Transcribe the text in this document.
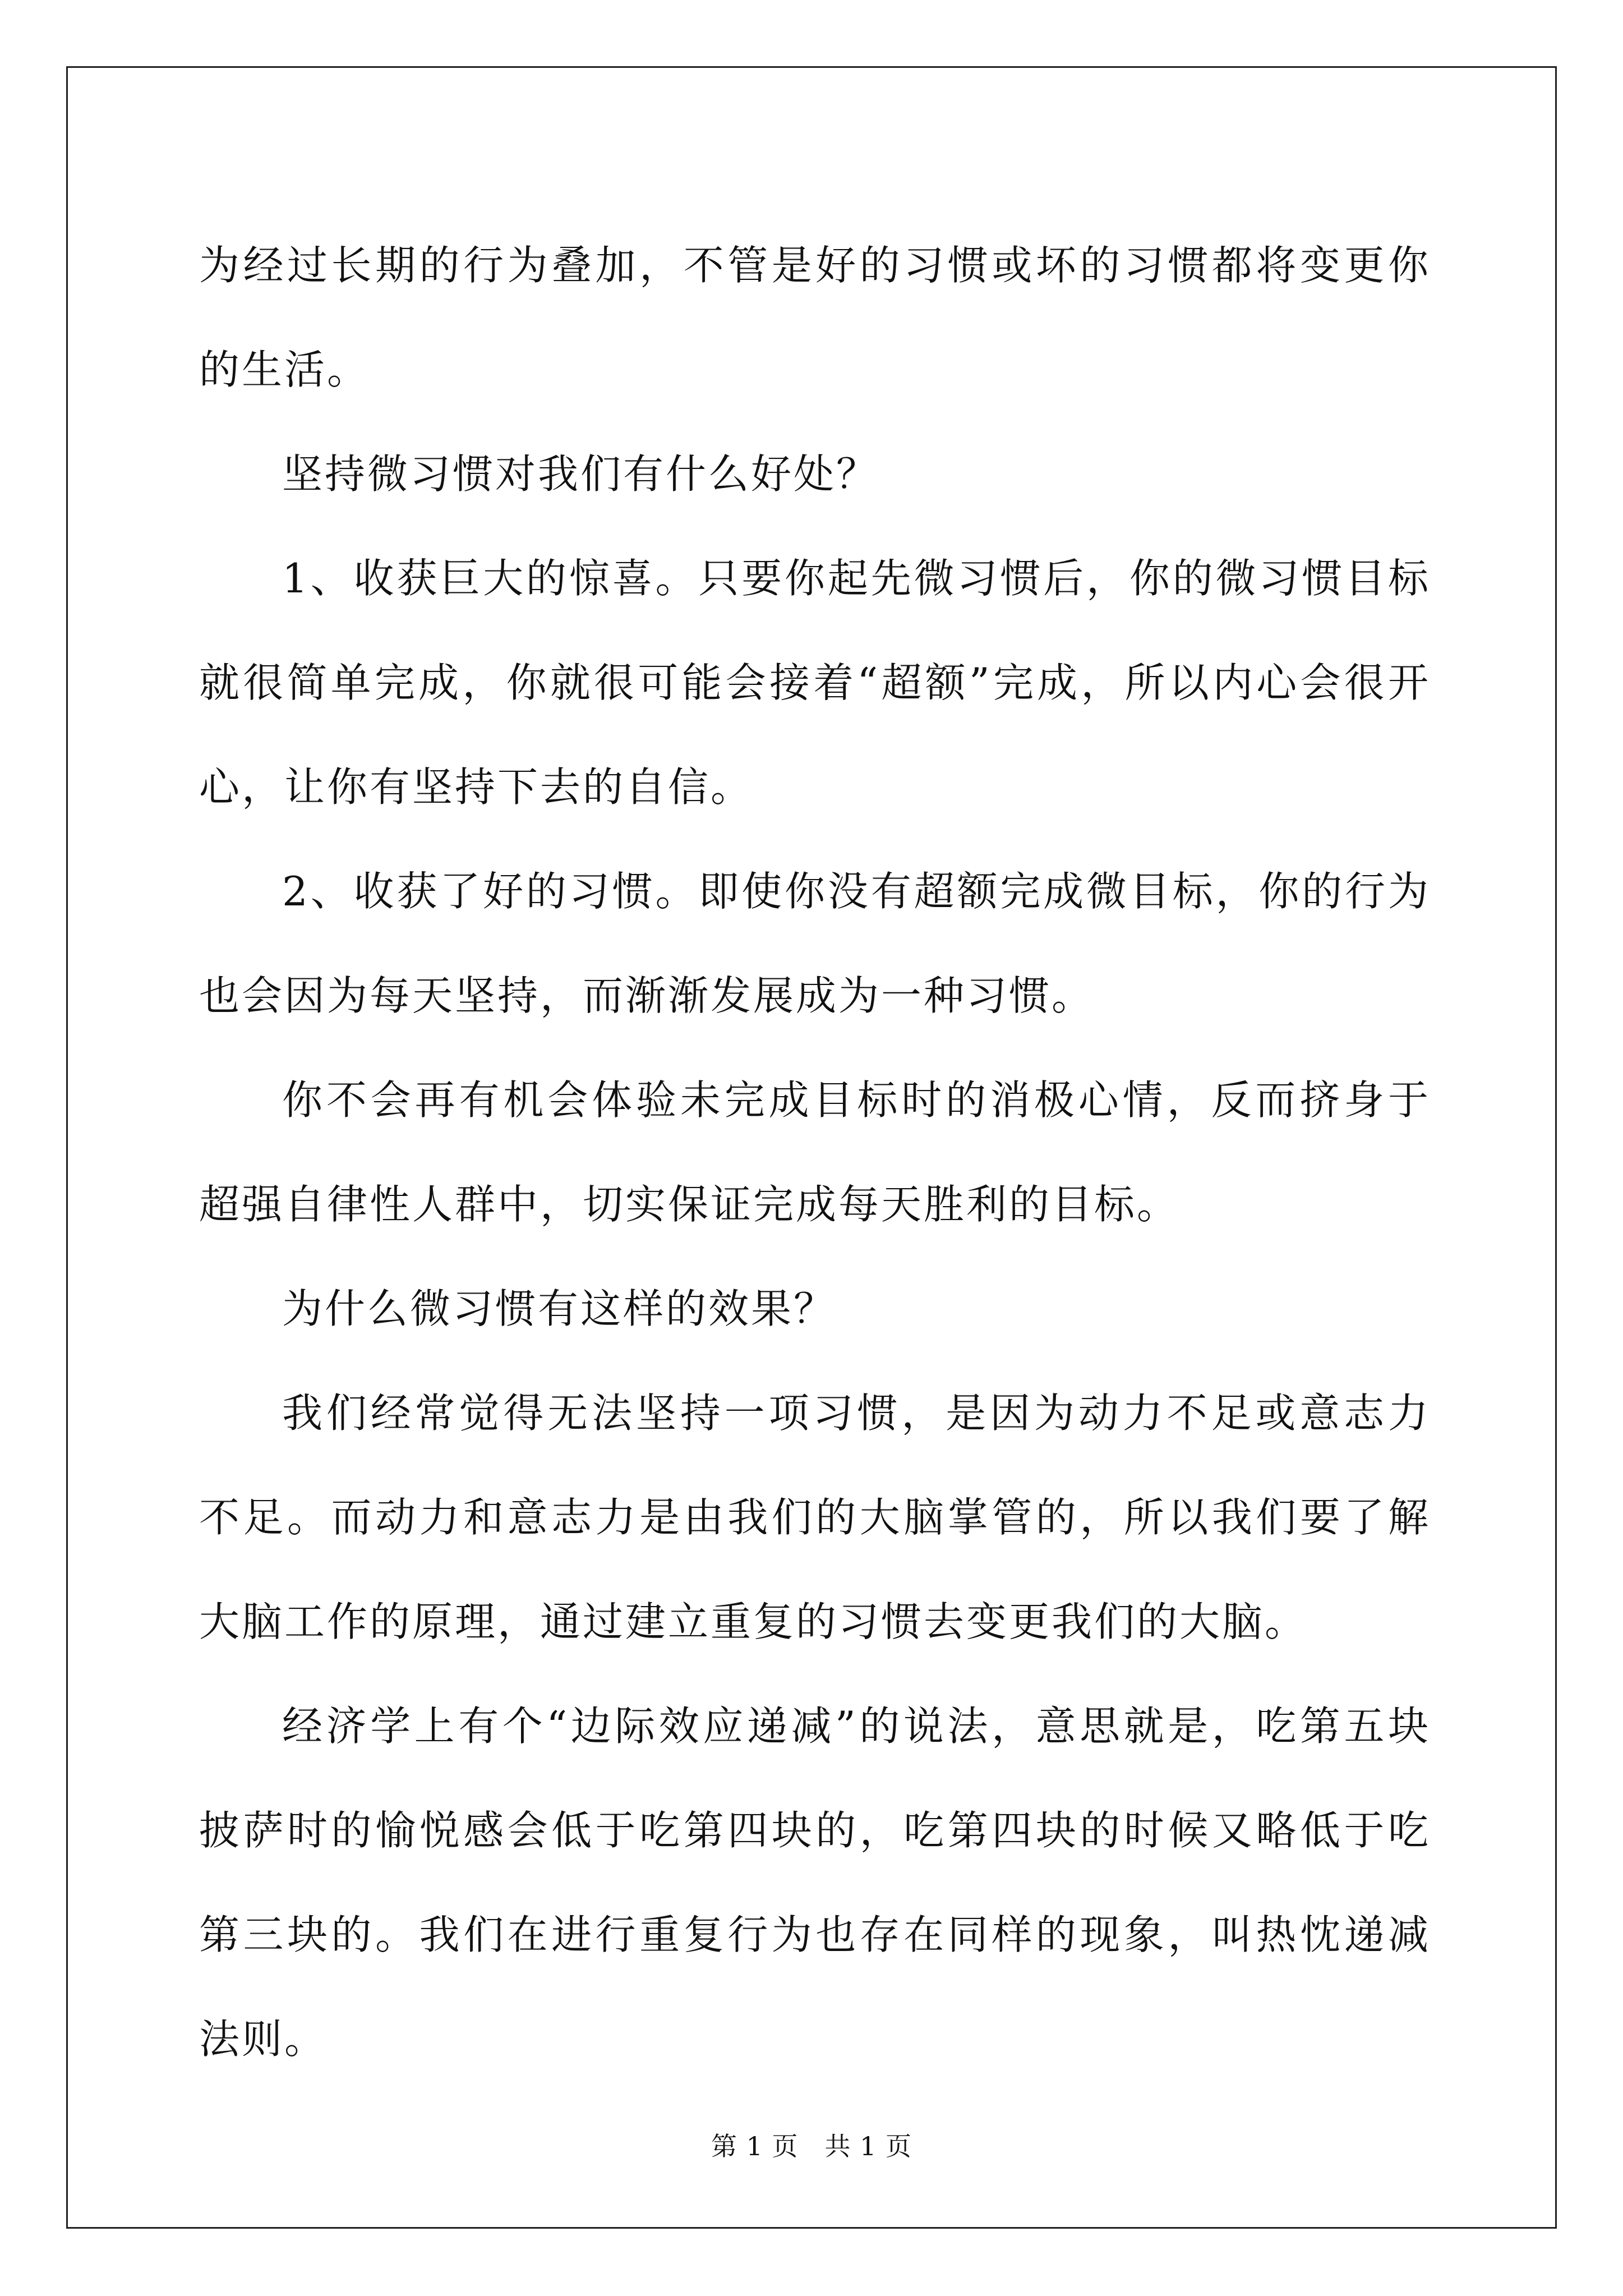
为经过长期的行为叠加，不管是好的习惯或坏的习惯都将变更你的生活。

坚持微习惯对我们有什么好处？

1、收获巨大的惊喜。只要你起先微习惯后，你的微习惯目标就很简单完成，你就很可能会接着“超额”完成，所以内心会很开心，让你有坚持下去的自信。

2、收获了好的习惯。即使你没有超额完成微目标，你的行为也会因为每天坚持，而渐渐发展成为一种习惯。

你不会再有机会体验未完成目标时的消极心情，反而挤身于超强自律性人群中，切实保证完成每天胜利的目标。

为什么微习惯有这样的效果？

我们经常觉得无法坚持一项习惯，是因为动力不足或意志力不足。而动力和意志力是由我们的大脑掌管的，所以我们要了解大脑工作的原理，通过建立重复的习惯去变更我们的大脑。

经济学上有个“边际效应递减”的说法，意思就是，吃第五块披萨时的愉悦感会低于吃第四块的，吃第四块的时候又略低于吃第三块的。我们在进行重复行为也存在同样的现象，叫热忱递减法则。

第 1 页　共 1 页
